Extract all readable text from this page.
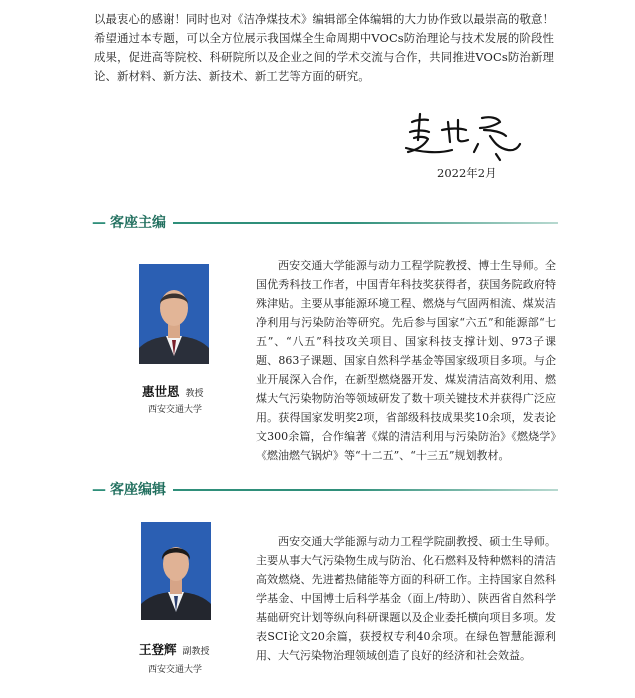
以最衷心的感谢！同时也对《洁净煤技术》编辑部全体编辑的大力协作致以最崇高的敬意！希望通过本专题，可以全方位展示我国煤全生命周期中VOCs防治理论与技术发展的阶段性成果，促进高等院校、科研院所以及企业之间的学术交流与合作，共同推进VOCs防治新理论、新材料、新方法、新技术、新工艺等方面的研究。

2022年2月
— 客座主编
惠世恩 教授
西安交通大学

西安交通大学能源与动力工程学院教授、博士生导师。全国优秀科技工作者，中国青年科技奖获得者，获国务院政府特殊津贴。主要从事能源环境工程、燃烧与气固两相流、煤炭洁净利用与污染防治等研究。先后参与国家“六五”和能源部“七五”、“八五”科技攻关项目、国家科技支撑计划、973子课题、863子课题、国家自然科学基金等国家级项目多项。与企业开展深入合作，在新型燃烧器开发、煤炭清洁高效利用、燃煤大气污染物防治等领域研发了数十项关键技术并获得广泛应用。获得国家发明奖2项，省部级科技成果奖10余项，发表论文300余篇，合作编著《煤的清洁利用与污染防治》《燃烧学》《燃油燃气锅炉》等“十二五”、“十三五”规划教材。

— 客座编辑
王登辉 副教授
西安交通大学

西安交通大学能源与动力工程学院副教授、硕士生导师。主要从事大气污染物生成与防治、化石燃料及特种燃料的清洁高效燃烧、先进蓄热储能等方面的科研工作。主持国家自然科学基金、中国博士后科学基金（面上/特助）、陕西省自然科学基础研究计划等纵向科研课题以及企业委托横向项目多项。发表SCI论文20余篇，获授权专利40余项。在绿色智慧能源利用、大气污染物治理领域创造了良好的经济和社会效益。
